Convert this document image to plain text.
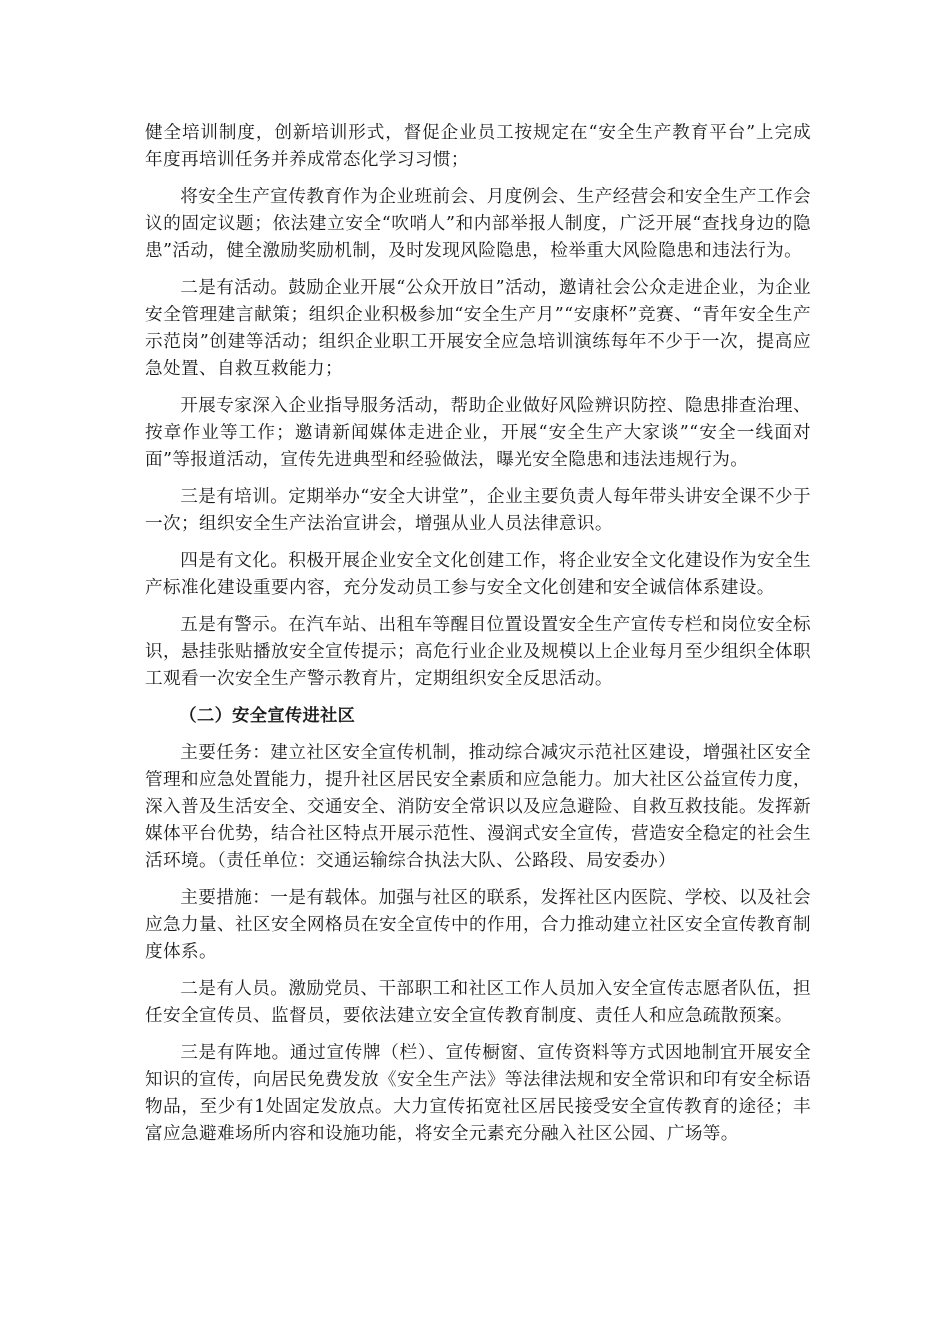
健全培训制度，创新培训形式，督促企业员工按规定在“安全生产教育平台”上完成年度再培训任务并养成常态化学习习惯；

将安全生产宣传教育作为企业班前会、月度例会、生产经营会和安全生产工作会议的固定议题；依法建立安全“吹哨人”和内部举报人制度，广泛开展“查找身边的隐患”活动，健全激励奖励机制，及时发现风险隐患，检举重大风险隐患和违法行为。

二是有活动。鼓励企业开展“公众开放日”活动，邀请社会公众走进企业，为企业安全管理建言献策；组织企业积极参加“安全生产月”“安康杯”竞赛、“青年安全生产示范岗”创建等活动；组织企业职工开展安全应急培训演练每年不少于一次，提高应急处置、自救互救能力；

开展专家深入企业指导服务活动，帮助企业做好风险辨识防控、隐患排查治理、按章作业等工作；邀请新闻媒体走进企业，开展“安全生产大家谈”“安全一线面对面”等报道活动，宣传先进典型和经验做法，曝光安全隐患和违法违规行为。

三是有培训。定期举办“安全大讲堂”，企业主要负责人每年带头讲安全课不少于一次；组织安全生产法治宣讲会，增强从业人员法律意识。

四是有文化。积极开展企业安全文化创建工作，将企业安全文化建设作为安全生产标准化建设重要内容，充分发动员工参与安全文化创建和安全诚信体系建设。

五是有警示。在汽车站、出租车等醒目位置设置安全生产宣传专栏和岗位安全标识，悬挂张贴播放安全宣传提示；高危行业企业及规模以上企业每月至少组织全体职工观看一次安全生产警示教育片，定期组织安全反思活动。

（二）安全宣传进社区

主要任务：建立社区安全宣传机制，推动综合减灾示范社区建设，增强社区安全管理和应急处置能力，提升社区居民安全素质和应急能力。加大社区公益宣传力度，深入普及生活安全、交通安全、消防安全常识以及应急避险、自救互救技能。发挥新媒体平台优势，结合社区特点开展示范性、漫润式安全宣传，营造安全稳定的社会生活环境。（责任单位：交通运输综合执法大队、公路段、局安委办）

主要措施：一是有载体。加强与社区的联系，发挥社区内医院、学校、以及社会应急力量、社区安全网格员在安全宣传中的作用，合力推动建立社区安全宣传教育制度体系。

二是有人员。激励党员、干部职工和社区工作人员加入安全宣传志愿者队伍，担任安全宣传员、监督员，要依法建立安全宣传教育制度、责任人和应急疏散预案。

三是有阵地。通过宣传牌（栏）、宣传橱窗、宣传资料等方式因地制宜开展安全知识的宣传，向居民免费发放《安全生产法》等法律法规和安全常识和印有安全标语物品，至少有1处固定发放点。大力宣传拓宽社区居民接受安全宣传教育的途径；丰富应急避难场所内容和设施功能，将安全元素充分融入社区公园、广场等。
